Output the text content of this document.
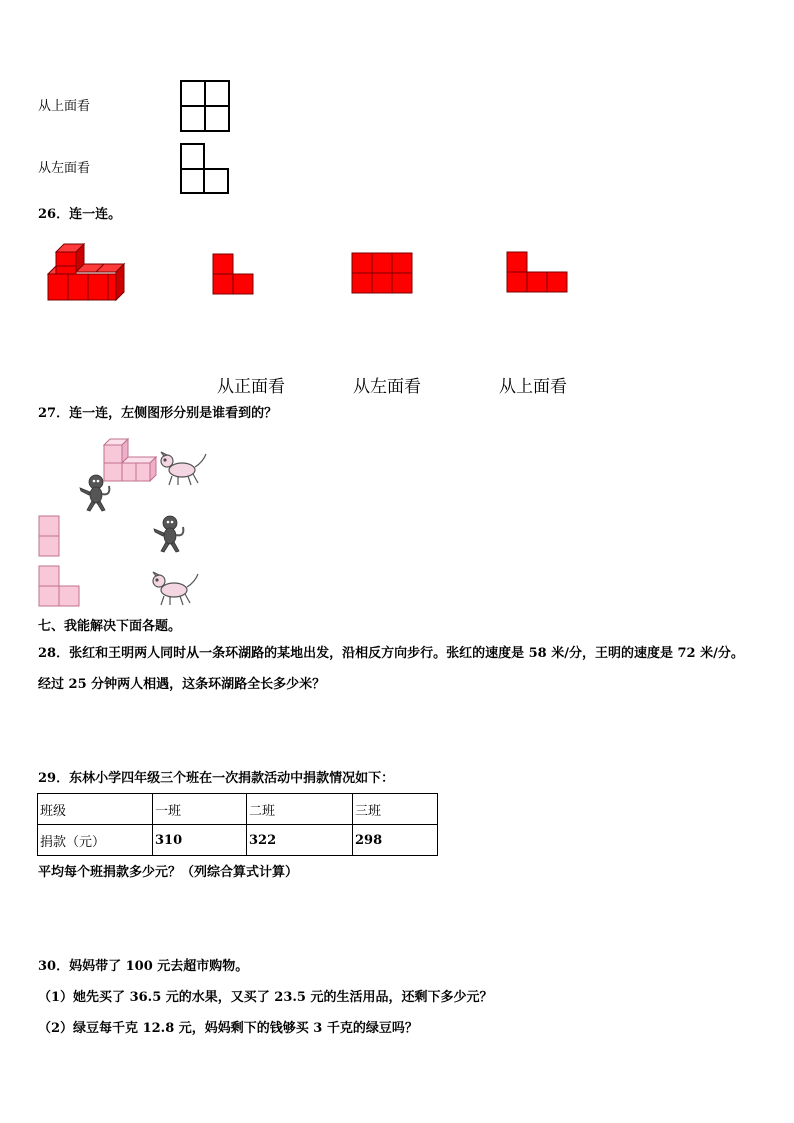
从上面看
从左面看
26．连一连。
从正面看	从左面看	从上面看
27．连一连，左侧图形分别是谁看到的？
七、我能解决下面各题。
28．张红和王明两人同时从一条环湖路的某地出发，沿相反方向步行。张红的速度是 58 米/分，王明的速度是 72 米/分。
经过 25 分钟两人相遇，这条环湖路全长多少米？
29．东林小学四年级三个班在一次捐款活动中捐款情况如下：
班级	一班	二班	三班
捐款（元）	310	322	298
平均每个班捐款多少元？（列综合算式计算）
30．妈妈带了 100 元去超市购物。
（1）她先买了 36.5 元的水果，又买了 23.5 元的生活用品，还剩下多少元？
（2）绿豆每千克 12.8 元，妈妈剩下的钱够买 3 千克的绿豆吗？
